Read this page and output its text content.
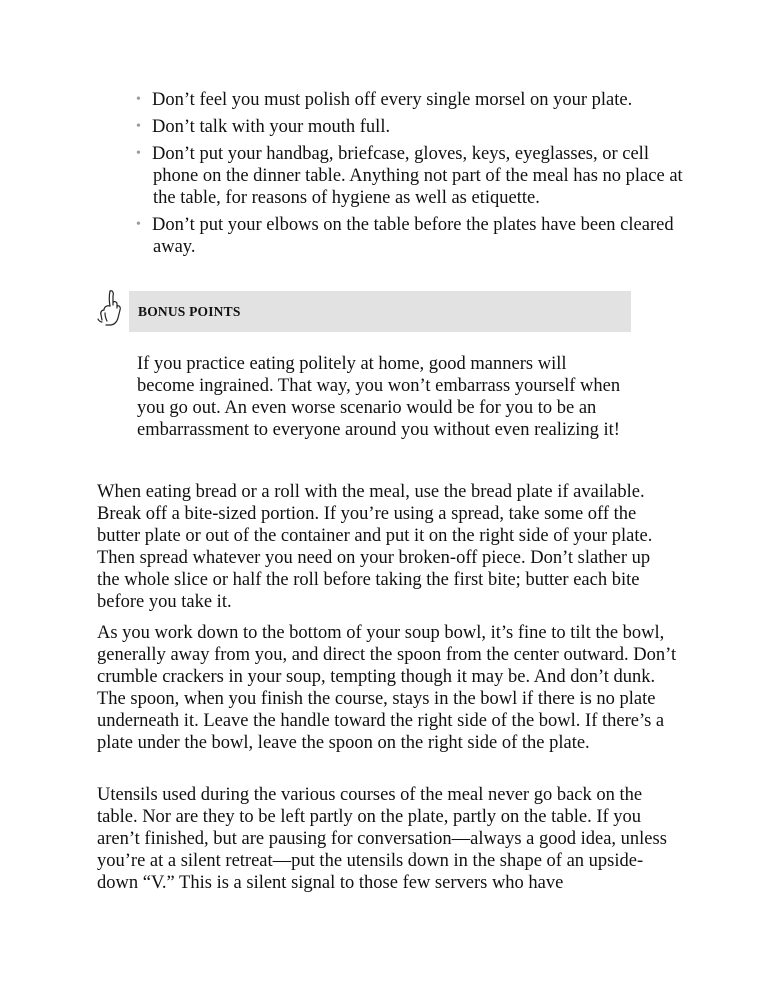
• Don’t feel you must polish off every single morsel on your plate.
• Don’t talk with your mouth full.
• Don’t put your handbag, briefcase, gloves, keys, eyeglasses, or cell phone on the dinner table. Anything not part of the meal has no place at the table, for reasons of hygiene as well as etiquette.
• Don’t put your elbows on the table before the plates have been cleared away.
BONUS POINTS

If you practice eating politely at home, good manners will become ingrained. That way, you won’t embarrass yourself when you go out. An even worse scenario would be for you to be an embarrassment to everyone around you without even realizing it!

When eating bread or a roll with the meal, use the bread plate if available. Break off a bite-sized portion. If you’re using a spread, take some off the butter plate or out of the container and put it on the right side of your plate. Then spread whatever you need on your broken-off piece. Don’t slather up the whole slice or half the roll before taking the first bite; butter each bite before you take it.

As you work down to the bottom of your soup bowl, it’s fine to tilt the bowl, generally away from you, and direct the spoon from the center outward. Don’t crumble crackers in your soup, tempting though it may be. And don’t dunk. The spoon, when you finish the course, stays in the bowl if there is no plate underneath it. Leave the handle toward the right side of the bowl. If there’s a plate under the bowl, leave the spoon on the right side of the plate.

Utensils used during the various courses of the meal never go back on the table. Nor are they to be left partly on the plate, partly on the table. If you aren’t finished, but are pausing for conversation—always a good idea, unless you’re at a silent retreat—put the utensils down in the shape of an upside-down “V.” This is a silent signal to those few servers who have
